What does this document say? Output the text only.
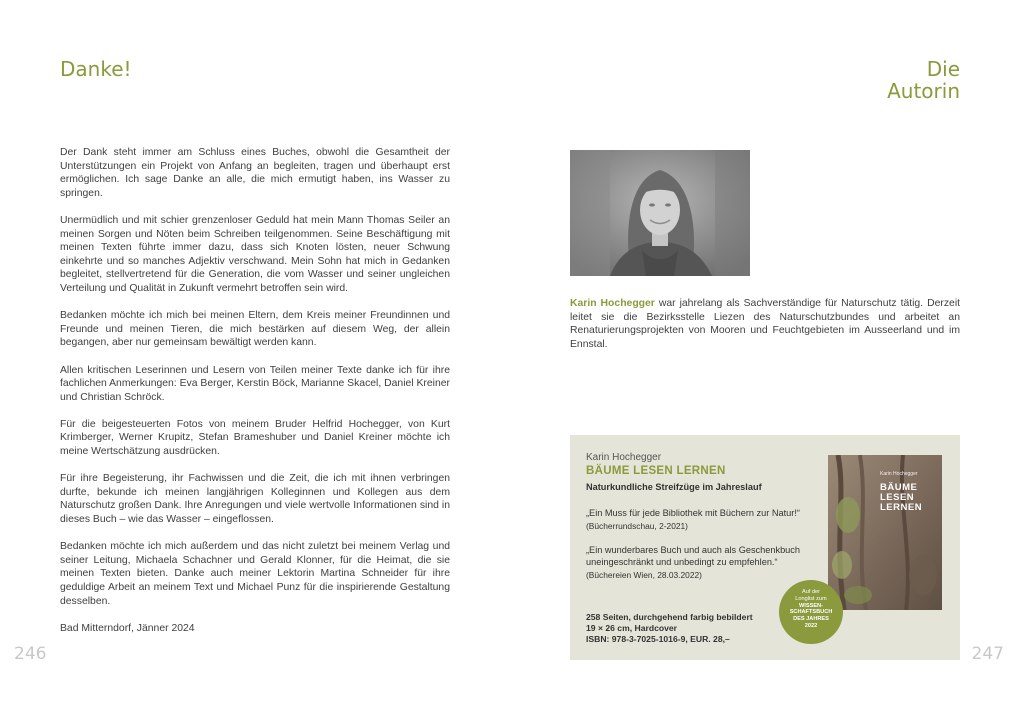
Danke!

Der Dank steht immer am Schluss eines Buches, obwohl die Gesamtheit der Unterstützungen ein Projekt von Anfang an begleiten, tragen und überhaupt erst ermöglichen. Ich sage Danke an alle, die mich ermutigt haben, ins Wasser zu springen.

Unermüdlich und mit schier grenzenloser Geduld hat mein Mann Thomas Seiler an meinen Sorgen und Nöten beim Schreiben teilgenommen. Seine Beschäftigung mit meinen Texten führte immer dazu, dass sich Knoten lösten, neuer Schwung einkehrte und so manches Adjektiv verschwand. Mein Sohn hat mich in Gedanken begleitet, stellvertretend für die Generation, die vom Wasser und seiner ungleichen Verteilung und Qualität in Zukunft vermehrt betroffen sein wird.

Bedanken möchte ich mich bei meinen Eltern, dem Kreis meiner Freundinnen und Freunde und meinen Tieren, die mich bestärken auf diesem Weg, der allein begangen, aber nur gemeinsam bewältigt werden kann.

Allen kritischen Leserinnen und Lesern von Teilen meiner Texte danke ich für ihre fachlichen Anmerkungen: Eva Berger, Kerstin Böck, Marianne Skacel, Daniel Kreiner und Christian Schröck.

Für die beigesteuerten Fotos von meinem Bruder Helfrid Hochegger, von Kurt Krimberger, Werner Krupitz, Stefan Brameshuber und Daniel Kreiner möchte ich meine Wertschätzung ausdrücken.

Für ihre Begeisterung, ihr Fachwissen und die Zeit, die ich mit ihnen verbringen durfte, bekunde ich meinen langjährigen Kolleginnen und Kollegen aus dem Naturschutz großen Dank. Ihre Anregungen und viele wertvolle Informationen sind in dieses Buch – wie das Wasser – eingeflossen.

Bedanken möchte ich mich außerdem und das nicht zuletzt bei meinem Verlag und seiner Leitung, Michaela Schachner und Gerald Klonner, für die Heimat, die sie meinen Texten bieten. Danke auch meiner Lektorin Martina Schneider für ihre geduldige Arbeit an meinem Text und Michael Punz für die inspirierende Gestaltung desselben.

Bad Mitterndorf, Jänner 2024

246
Die
Autorin

Karin Hochegger war jahrelang als Sachverständige für Naturschutz tätig. Derzeit leitet sie die Bezirksstelle Liezen des Naturschutzbundes und arbeitet an Renaturierungsprojekten von Mooren und Feuchtgebieten im Ausseerland und im Ennstal.

Karin Hochegger
BÄUME LESEN LERNEN
Naturkundliche Streifzüge im Jahreslauf
„Ein Muss für jede Bibliothek mit Büchern zur Natur!“
(Bücherrundschau, 2-2021)
„Ein wunderbares Buch und auch als Geschenkbuch uneingeschränkt und unbedingt zu empfehlen.“
(Büchereien Wien, 28.03.2022)
258 Seiten, durchgehend farbig bebildert
19 × 26 cm, Hardcover
ISBN: 978-3-7025-1016-9, EUR. 28,–
Karin Hochegger
BÄUME
LESEN
LERNEN
Auf der
Longlist zum
WISSEN-
SCHAFTSBUCH
DES JAHRES
2022
247
